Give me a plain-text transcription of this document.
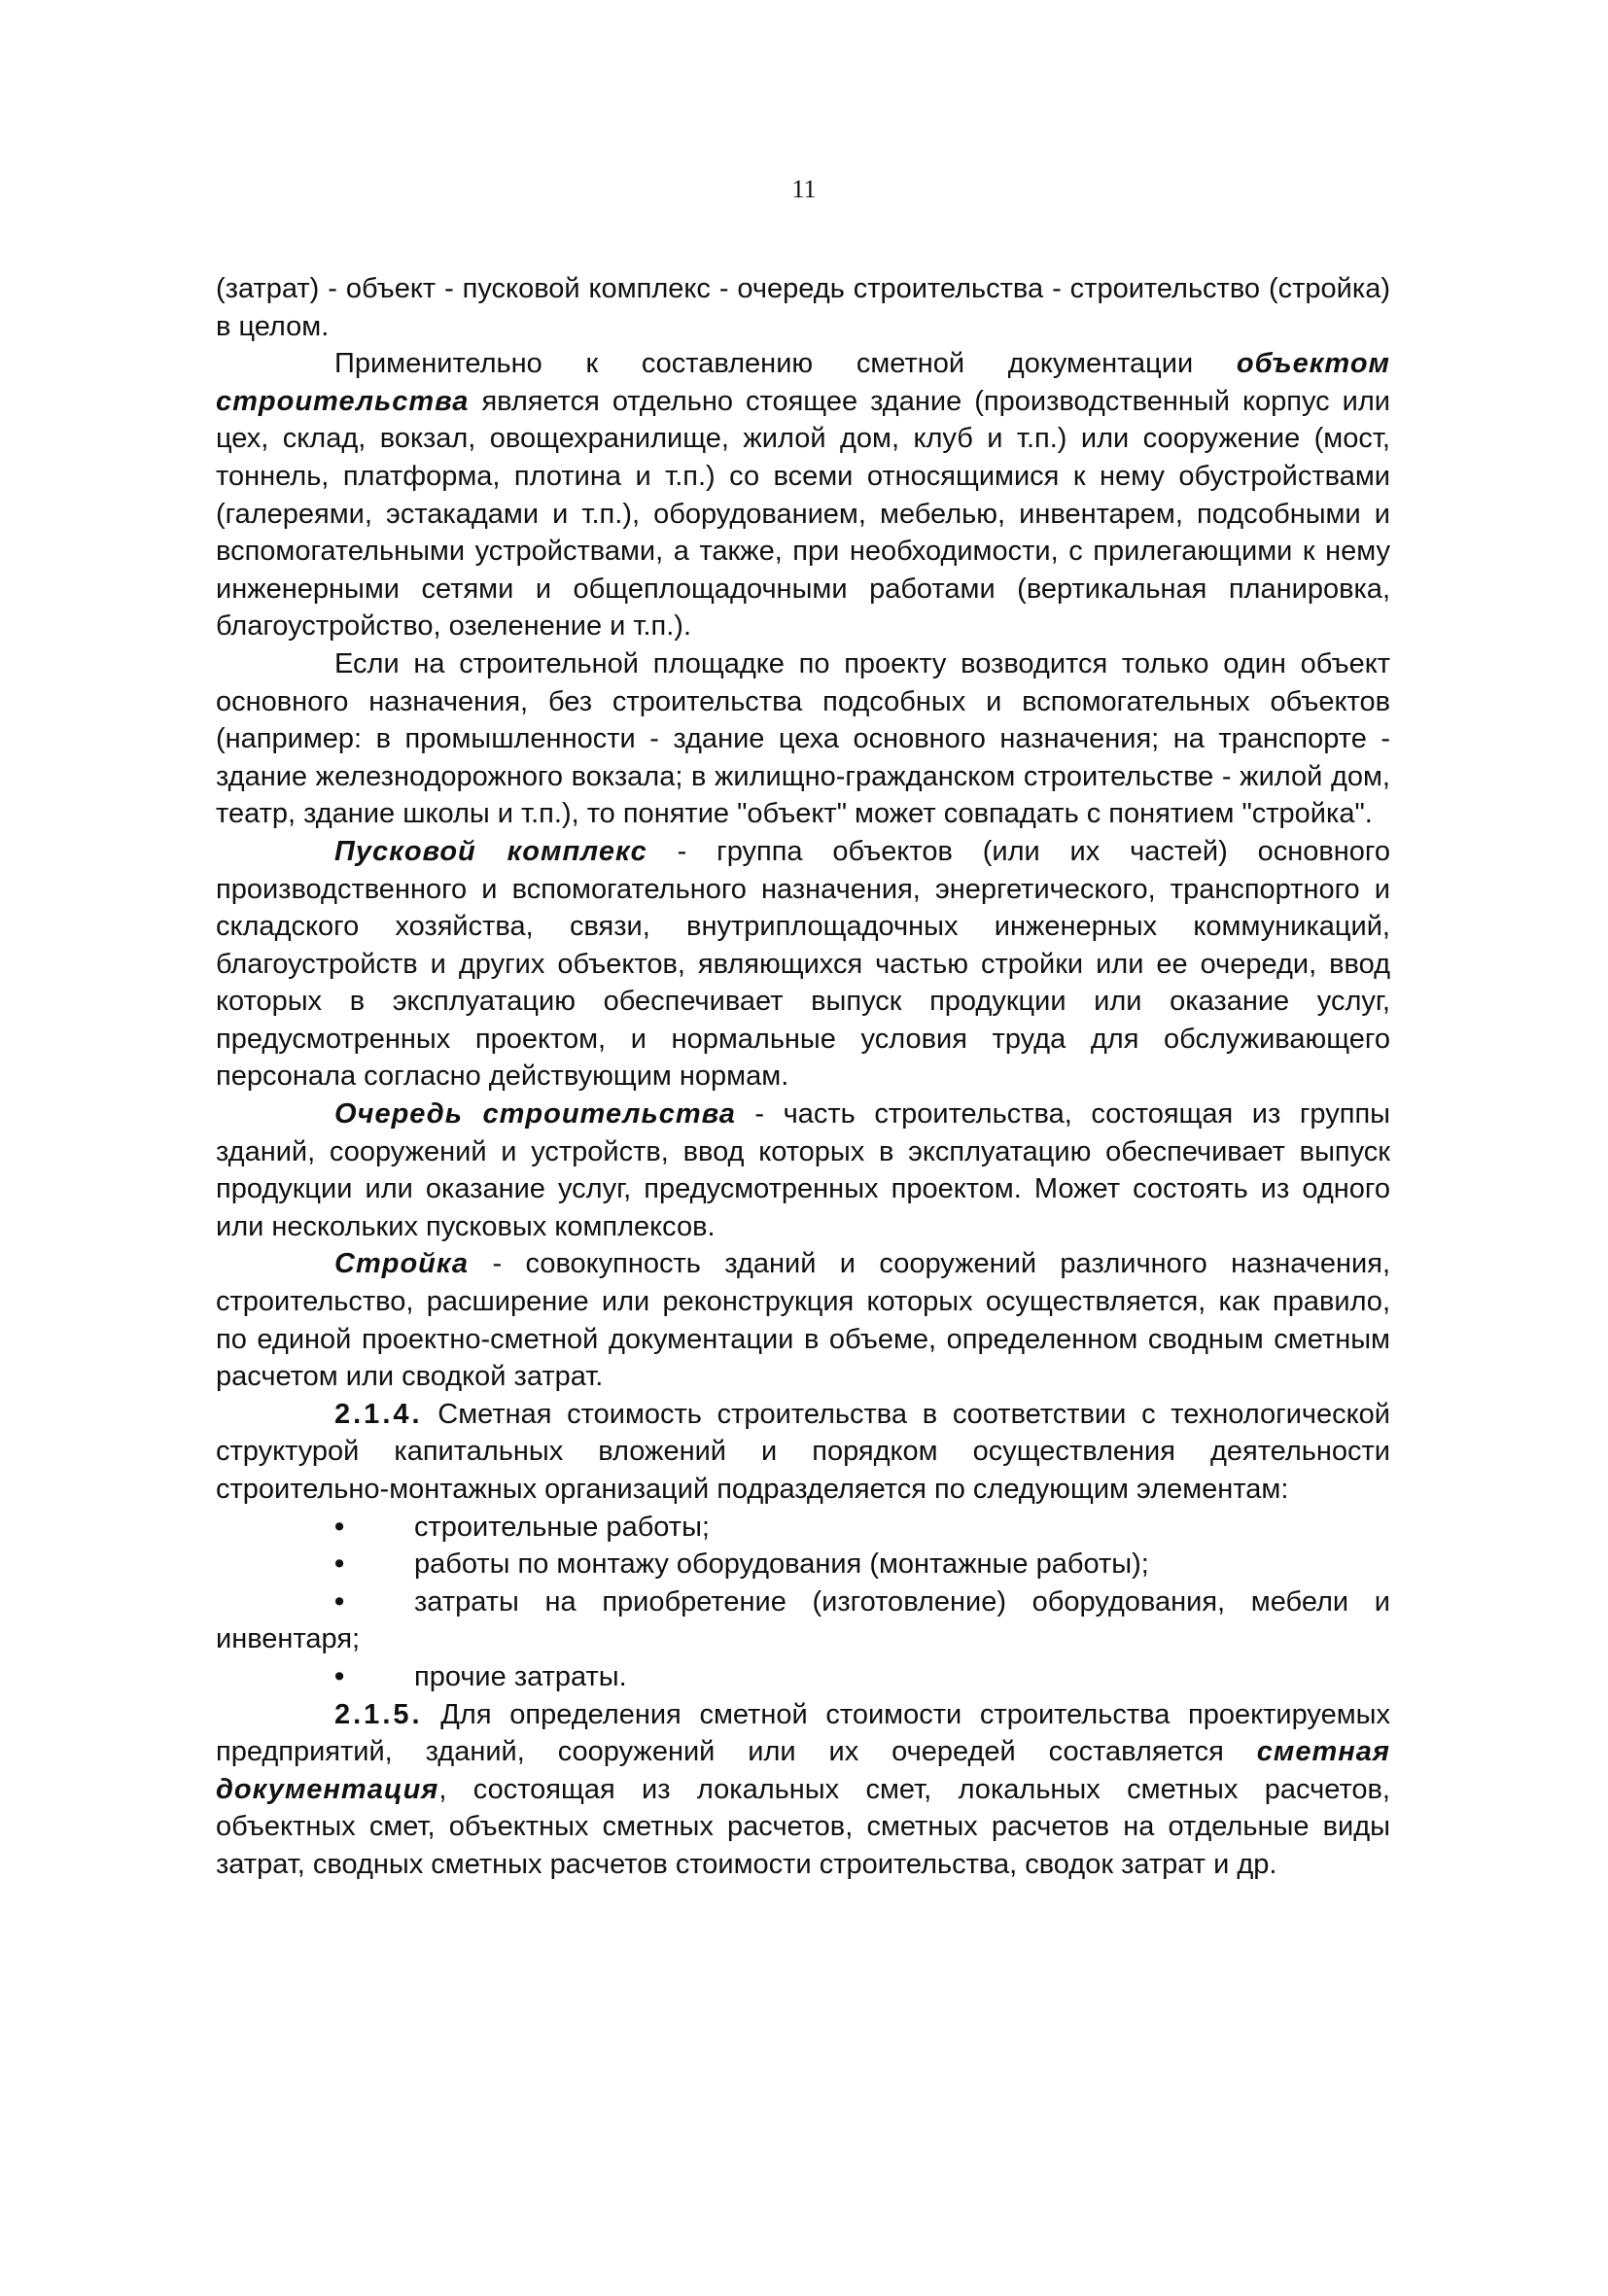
11

(затрат) - объект - пусковой комплекс - очередь строительства - строительство (стройка) в целом.

Применительно к составлению сметной документации объектом строительства является отдельно стоящее здание (производственный корпус или цех, склад, вокзал, овощехранилище, жилой дом, клуб и т.п.) или сооружение (мост, тоннель, платформа, плотина и т.п.) со всеми относящимися к нему обустройствами (галереями, эстакадами и т.п.), оборудованием, мебелью, инвентарем, подсобными и вспомогательными устройствами, а также, при необходимости, с прилегающими к нему инженерными сетями и общеплощадочными работами (вертикальная планировка, благоустройство, озеленение и т.п.).

Если на строительной площадке по проекту возводится только один объект основного назначения, без строительства подсобных и вспомогательных объектов (например: в промышленности - здание цеха основного назначения; на транспорте - здание железнодорожного вокзала; в жилищно-гражданском строительстве - жилой дом, театр, здание школы и т.п.), то понятие "объект" может совпадать с понятием "стройка".

Пусковой комплекс - группа объектов (или их частей) основного производственного и вспомогательного назначения, энергетического, транспортного и складского хозяйства, связи, внутриплощадочных инженерных коммуникаций, благоустройств и других объектов, являющихся частью стройки или ее очереди, ввод которых в эксплуатацию обеспечивает выпуск продукции или оказание услуг, предусмотренных проектом, и нормальные условия труда для обслуживающего персонала согласно действующим нормам.

Очередь строительства - часть строительства, состоящая из группы зданий, сооружений и устройств, ввод которых в эксплуатацию обеспечивает выпуск продукции или оказание услуг, предусмотренных проектом. Может состоять из одного или нескольких пусковых комплексов.

Стройка - совокупность зданий и сооружений различного назначения, строительство, расширение или реконструкция которых осуществляется, как правило, по единой проектно-сметной документации в объеме, определенном сводным сметным расчетом или сводкой затрат.

2.1.4. Сметная стоимость строительства в соответствии с технологической структурой капитальных вложений и порядком осуществления деятельности строительно-монтажных организаций подразделяется по следующим элементам:

• строительные работы;
• работы по монтажу оборудования (монтажные работы);
• затраты на приобретение (изготовление) оборудования, мебели и инвентаря;
• прочие затраты.

2.1.5. Для определения сметной стоимости строительства проектируемых предприятий, зданий, сооружений или их очередей составляется сметная документация, состоящая из локальных смет, локальных сметных расчетов, объектных смет, объектных сметных расчетов, сметных расчетов на отдельные виды затрат, сводных сметных расчетов стоимости строительства, сводок затрат и др.
